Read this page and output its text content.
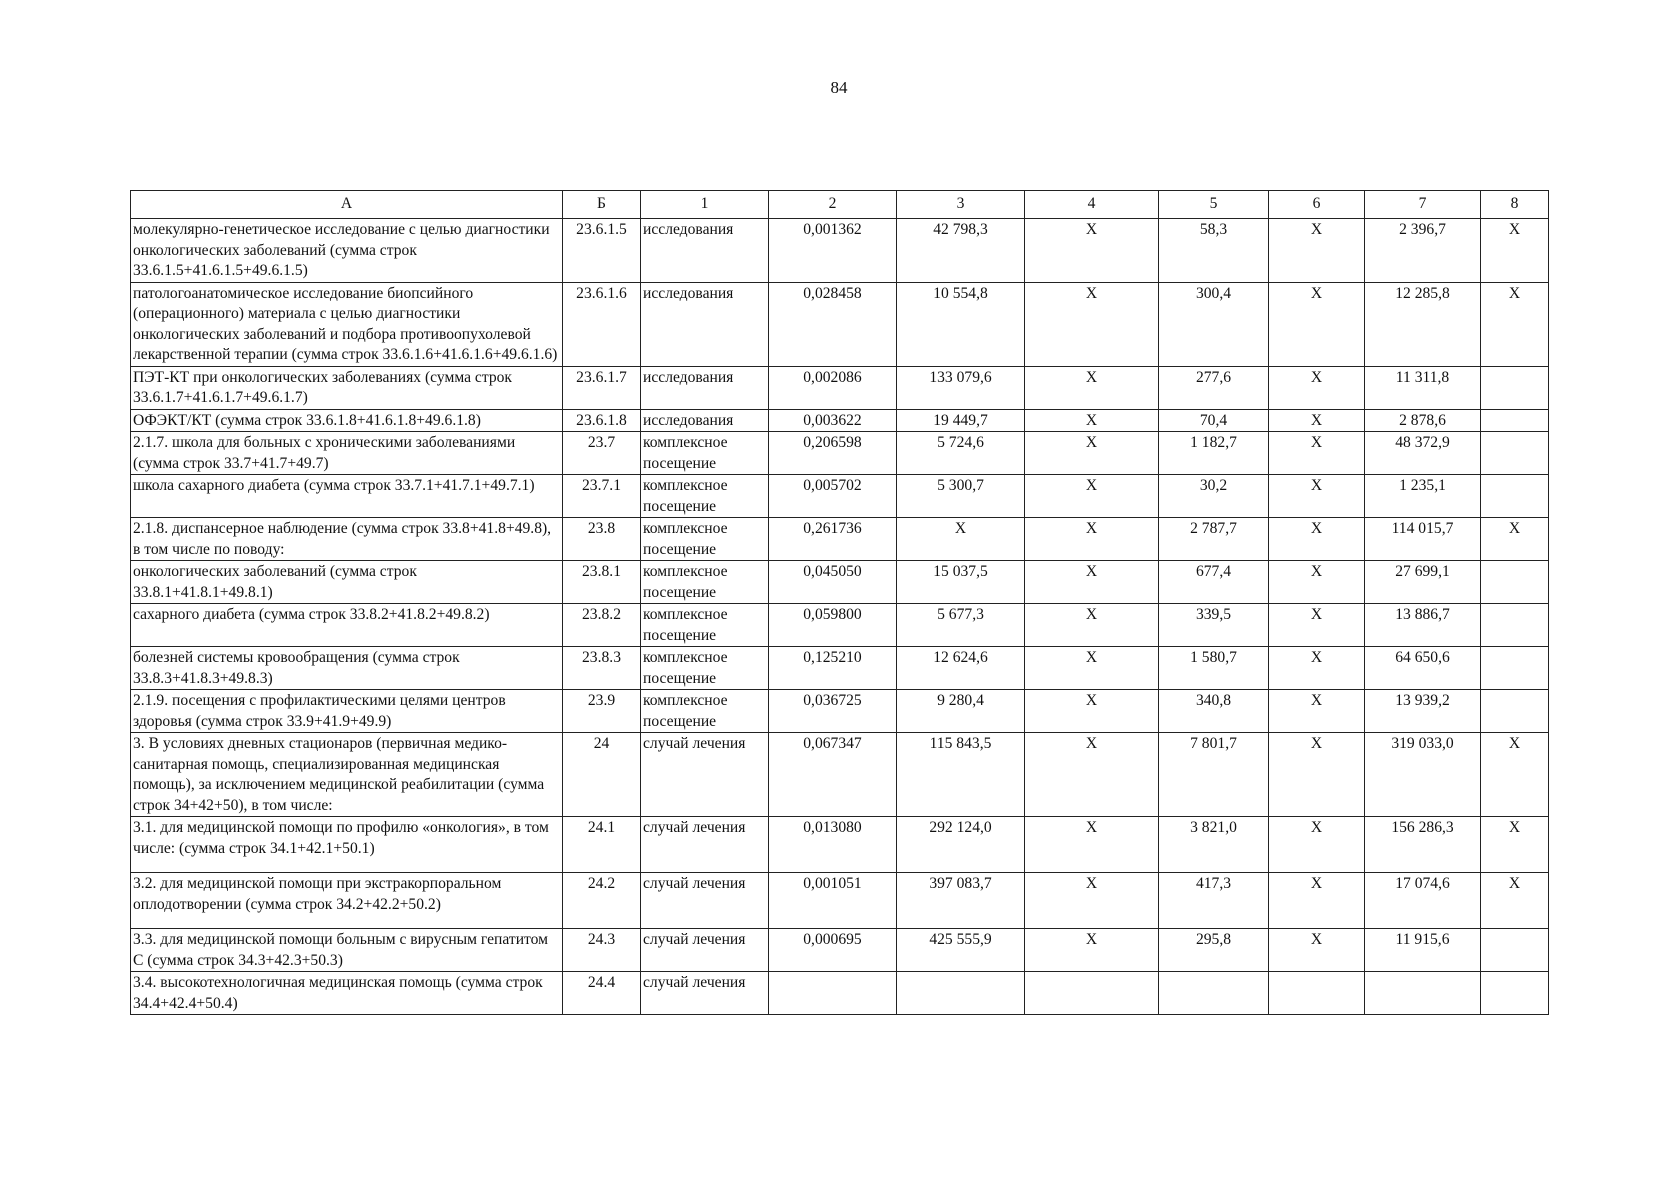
84
А	Б	1	2	3	4	5	6	7	8
молекулярно-генетическое исследование с целью диагностики онкологических заболеваний (сумма строк 33.6.1.5+41.6.1.5+49.6.1.5)	23.6.1.5	исследования	0,001362	42 798,3	Х	58,3	Х	2 396,7	Х
патологоанатомическое исследование биопсийного (операционного) материала с целью диагностики онкологических заболеваний и подбора противоопухолевой лекарственной терапии (сумма строк 33.6.1.6+41.6.1.6+49.6.1.6)	23.6.1.6	исследования	0,028458	10 554,8	Х	300,4	Х	12 285,8	Х
ПЭТ-КТ при онкологических заболеваниях (сумма строк 33.6.1.7+41.6.1.7+49.6.1.7)	23.6.1.7	исследования	0,002086	133 079,6	Х	277,6	Х	11 311,8	
ОФЭКТ/КТ (сумма строк 33.6.1.8+41.6.1.8+49.6.1.8)	23.6.1.8	исследования	0,003622	19 449,7	Х	70,4	Х	2 878,6	
2.1.7. школа для больных с хроническими заболеваниями (сумма строк 33.7+41.7+49.7)	23.7	комплексное посещение	0,206598	5 724,6	Х	1 182,7	Х	48 372,9	
школа сахарного диабета (сумма строк 33.7.1+41.7.1+49.7.1)	23.7.1	комплексное посещение	0,005702	5 300,7	Х	30,2	Х	1 235,1	
2.1.8. диспансерное наблюдение (сумма строк 33.8+41.8+49.8), в том числе по поводу:	23.8	комплексное посещение	0,261736	Х	Х	2 787,7	Х	114 015,7	Х
онкологических заболеваний (сумма строк 33.8.1+41.8.1+49.8.1)	23.8.1	комплексное посещение	0,045050	15 037,5	Х	677,4	Х	27 699,1	
сахарного диабета (сумма строк 33.8.2+41.8.2+49.8.2)	23.8.2	комплексное посещение	0,059800	5 677,3	Х	339,5	Х	13 886,7	
болезней системы кровообращения (сумма строк 33.8.3+41.8.3+49.8.3)	23.8.3	комплексное посещение	0,125210	12 624,6	Х	1 580,7	Х	64 650,6	
2.1.9. посещения с профилактическими целями центров здоровья (сумма строк 33.9+41.9+49.9)	23.9	комплексное посещение	0,036725	9 280,4	Х	340,8	Х	13 939,2	
3. В условиях дневных стационаров (первичная медико-санитарная помощь, специализированная медицинская помощь), за исключением медицинской реабилитации (сумма строк 34+42+50), в том числе:	24	случай лечения	0,067347	115 843,5	Х	7 801,7	Х	319 033,0	Х
3.1. для медицинской помощи по профилю «онкология», в том числе: (сумма строк 34.1+42.1+50.1)	24.1	случай лечения	0,013080	292 124,0	Х	3 821,0	Х	156 286,3	Х
3.2. для медицинской помощи при экстракорпоральном оплодотворении (сумма строк 34.2+42.2+50.2)	24.2	случай лечения	0,001051	397 083,7	Х	417,3	Х	17 074,6	Х
3.3. для медицинской помощи больным с вирусным гепатитом С (сумма строк 34.3+42.3+50.3)	24.3	случай лечения	0,000695	425 555,9	Х	295,8	Х	11 915,6	
3.4. высокотехнологичная медицинская помощь (сумма строк 34.4+42.4+50.4)	24.4	случай лечения							
